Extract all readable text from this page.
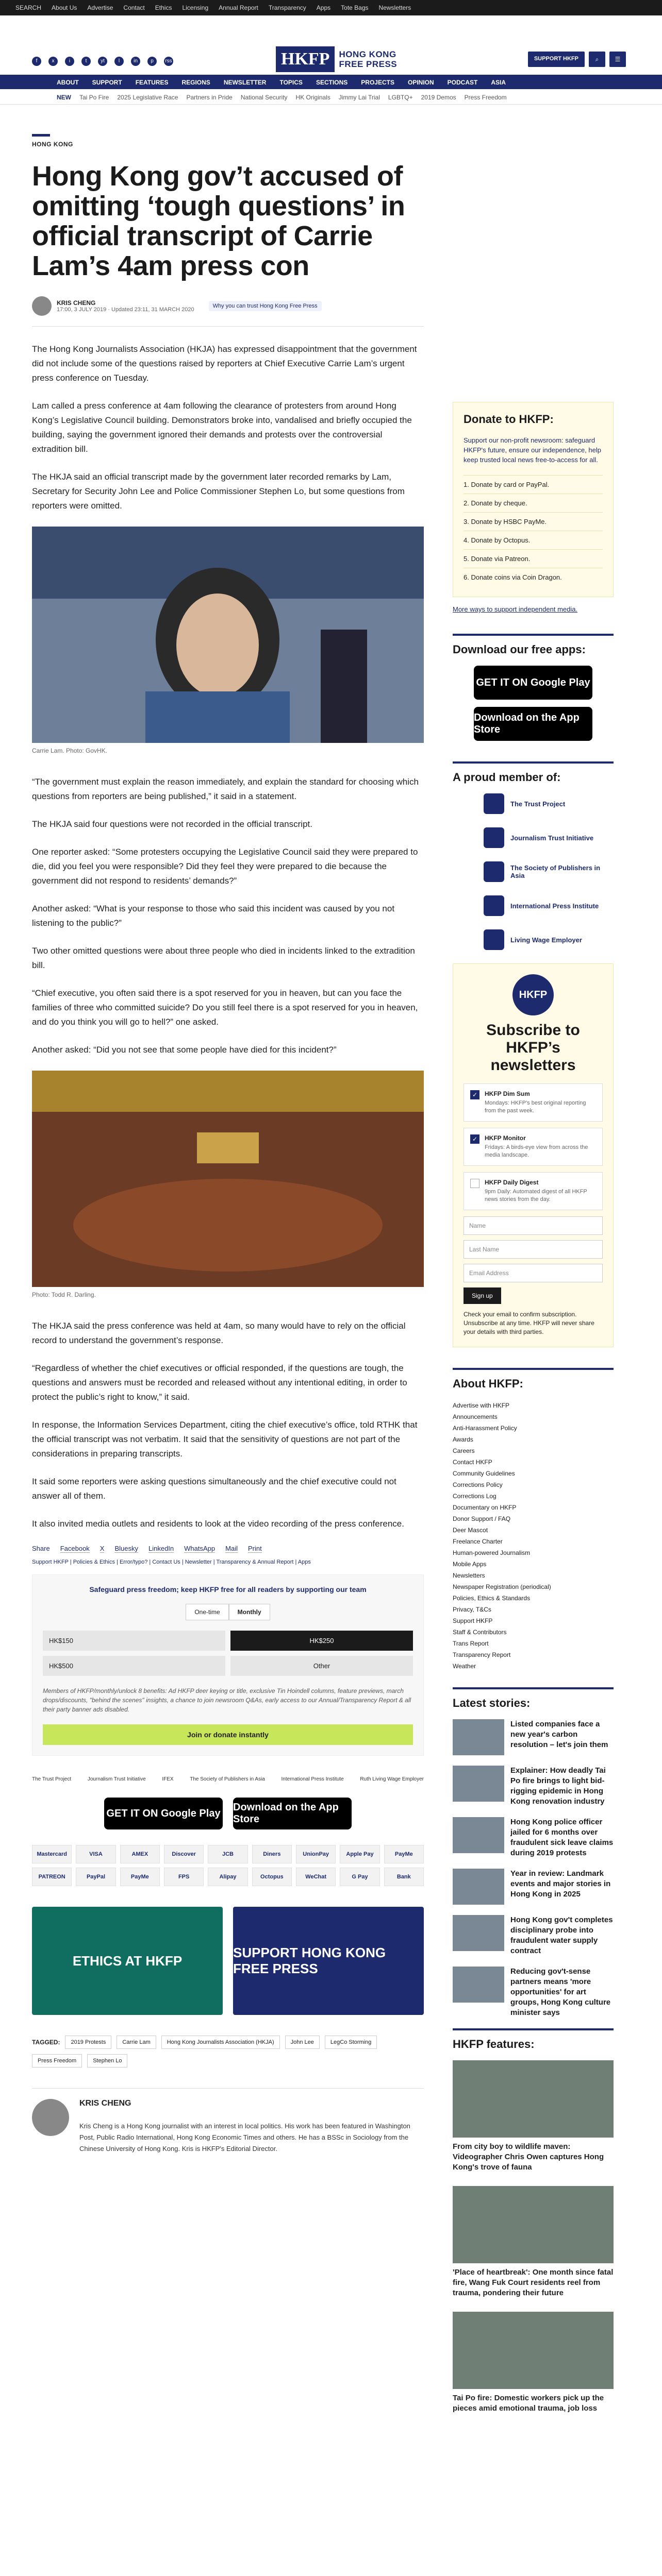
SEARCH About Us Advertise Contact Ethics Licensing Annual Report Transparency Apps Tote Bags Newsletters
f	x	i	t	yt	l	in	p	rss	HKFP	HONG KONG
FREE PRESS
SUPPORT HKFP	⌕	☰
ABOUT SUPPORT FEATURES REGIONS NEWSLETTER TOPICS SECTIONS PROJECTS OPINION PODCAST ASIA
NEW Tai Po Fire 2025 Legislative Race Partners in Pride National Security HK Originals Jimmy Lai Trial LGBTQ+ 2019 Demos Press Freedom
HONG KONG
Hong Kong gov’t accused of omitting ‘tough questions’ in official transcript of Carrie Lam’s 4am press con
KRIS CHENG
17:00, 3 JULY 2019 · Updated 23:11, 31 MARCH 2020
Why you can trust Hong Kong Free Press

The Hong Kong Journalists Association (HKJA) has expressed disappointment that the government did not include some of the questions raised by reporters at Chief Executive Carrie Lam’s urgent press conference on Tuesday.

Lam called a press conference at 4am following the clearance of protesters from around Hong Kong’s Legislative Council building. Demonstrators broke into, vandalised and briefly occupied the building, saying the government ignored their demands and protests over the controversial extradition bill.

The HKJA said an official transcript made by the government later recorded remarks by Lam, Secretary for Security John Lee and Police Commissioner Stephen Lo, but some questions from reporters were omitted.

Carrie Lam. Photo: GovHK.

“The government must explain the reason immediately, and explain the standard for choosing which questions from reporters are being published,” it said in a statement.

The HKJA said four questions were not recorded in the official transcript.

One reporter asked: “Some protesters occupying the Legislative Council said they were prepared to die, did you feel you were responsible? Did they feel they were prepared to die because the government did not respond to residents’ demands?”

Another asked: “What is your response to those who said this incident was caused by you not listening to the public?”

Two other omitted questions were about three people who died in incidents linked to the extradition bill.

“Chief executive, you often said there is a spot reserved for you in heaven, but can you face the families of three who committed suicide? Do you still feel there is a spot reserved for you in heaven, and do you think you will go to hell?” one asked.

Another asked: “Did you not see that some people have died for this incident?”

Photo: Todd R. Darling.

The HKJA said the press conference was held at 4am, so many would have to rely on the official record to understand the government’s response.

“Regardless of whether the chief executives or official responded, if the questions are tough, the questions and answers must be recorded and released without any intentional editing, in order to protect the public’s right to know,” it said.

In response, the Information Services Department, citing the chief executive’s office, told RTHK that the official transcript was not verbatim. It said that the sensitivity of questions are not part of the considerations in preparing transcripts.

It said some reporters were asking questions simultaneously and the chief executive could not answer all of them.

It also invited media outlets and residents to look at the video recording of the press conference.

Share Facebook X Bluesky LinkedIn WhatsApp Mail Print
Support HKFP | Policies & Ethics | Error/typo? | Contact Us | Newsletter | Transparency & Annual Report | Apps
Safeguard press freedom; keep HKFP free for all readers by supporting our team
One-time	Monthly
HK$150	HK$250
HK$500	Other
Members of HKFP/monthly/unlock 8 benefits: Ad HKFP deer keying or title, exclusive Tin Hoindell columns, feature previews, march drops/discounts, "behind the scenes" insights, a chance to join newsroom Q&As, early access to our Annual/Transparency Report & all their party banner ads disabled.
Join or donate instantly
The Trust Project	Journalism Trust Initiative	IFEX	The Society of Publishers in Asia	International Press Institute	Ruth Living Wage Employer
GET IT ON Google Play
Download on the App Store
Mastercard	VISA	AMEX	Discover	JCB	Diners	UnionPay	Apple Pay	PayMe
PATREON	PayPal	PayMe	FPS	Alipay	Octopus	WeChat	G Pay	Bank
ETHICS AT HKFP
SUPPORT HONG KONG FREE PRESS
TAGGED:	2019 Protests	Carrie Lam	Hong Kong Journalists Association (HKJA)	John Lee	LegCo Storming
Press Freedom	Stephen Lo
KRIS CHENG
Kris Cheng is a Hong Kong journalist with an interest in local politics. His work has been featured in Washington Post, Public Radio International, Hong Kong Economic Times and others. He has a BSSc in Sociology from the Chinese University of Hong Kong. Kris is HKFP's Editorial Director.
Donate to HKFP:
Support our non-profit newsroom: safeguard HKFP's future, ensure our independence, help keep trusted local news free-to-access for all.
1. Donate by card or PayPal.
2. Donate by cheque.
3. Donate by HSBC PayMe.
4. Donate by Octopus.
5. Donate via Patreon.
6. Donate coins via Coin Dragon.
More ways to support independent media.
Download our free apps:
GET IT ON Google Play
Download on the App Store
A proud member of:
The Trust Project
Journalism Trust Initiative
The Society of Publishers in Asia
International Press Institute
Living Wage Employer
HKFP
Subscribe to HKFP’s newsletters
✓	HKFP Dim Sum
Mondays: HKFP's best original reporting from the past week.
✓	HKFP Monitor
Fridays: A birds-eye view from across the media landscape.
HKFP Daily Digest
9pm Daily: Automated digest of all HKFP news stories from the day.
Name
Last Name
Email Address
Sign up
Check your email to confirm subscription. Unsubscribe at any time. HKFP will never share your details with third parties.
About HKFP:
Advertise with HKFP
Announcements
Anti-Harassment Policy
Awards
Careers
Contact HKFP
Community Guidelines
Corrections Policy
Corrections Log
Documentary on HKFP
Donor Support / FAQ
Deer Mascot
Freelance Charter
Human-powered Journalism
Mobile Apps
Newsletters
Newspaper Registration (periodical)
Policies, Ethics & Standards
Privacy, T&Cs
Support HKFP
Staff & Contributors
Trans Report
Transparency Report
Weather
Latest stories:
Listed companies face a new year's carbon resolution – let's join them
Explainer: How deadly Tai Po fire brings to light bid-rigging epidemic in Hong Kong renovation industry
Hong Kong police officer jailed for 6 months over fraudulent sick leave claims during 2019 protests
Year in review: Landmark events and major stories in Hong Kong in 2025
Hong Kong gov't completes disciplinary probe into fraudulent water supply contract
Reducing gov't-sense partners means 'more opportunities' for art groups, Hong Kong culture minister says
HKFP features:
From city boy to wildlife maven: Videographer Chris Owen captures Hong Kong's trove of fauna
'Place of heartbreak': One month since fatal fire, Wang Fuk Court residents reel from trauma, pondering their future
Tai Po fire: Domestic workers pick up the pieces amid emotional trauma, job loss
